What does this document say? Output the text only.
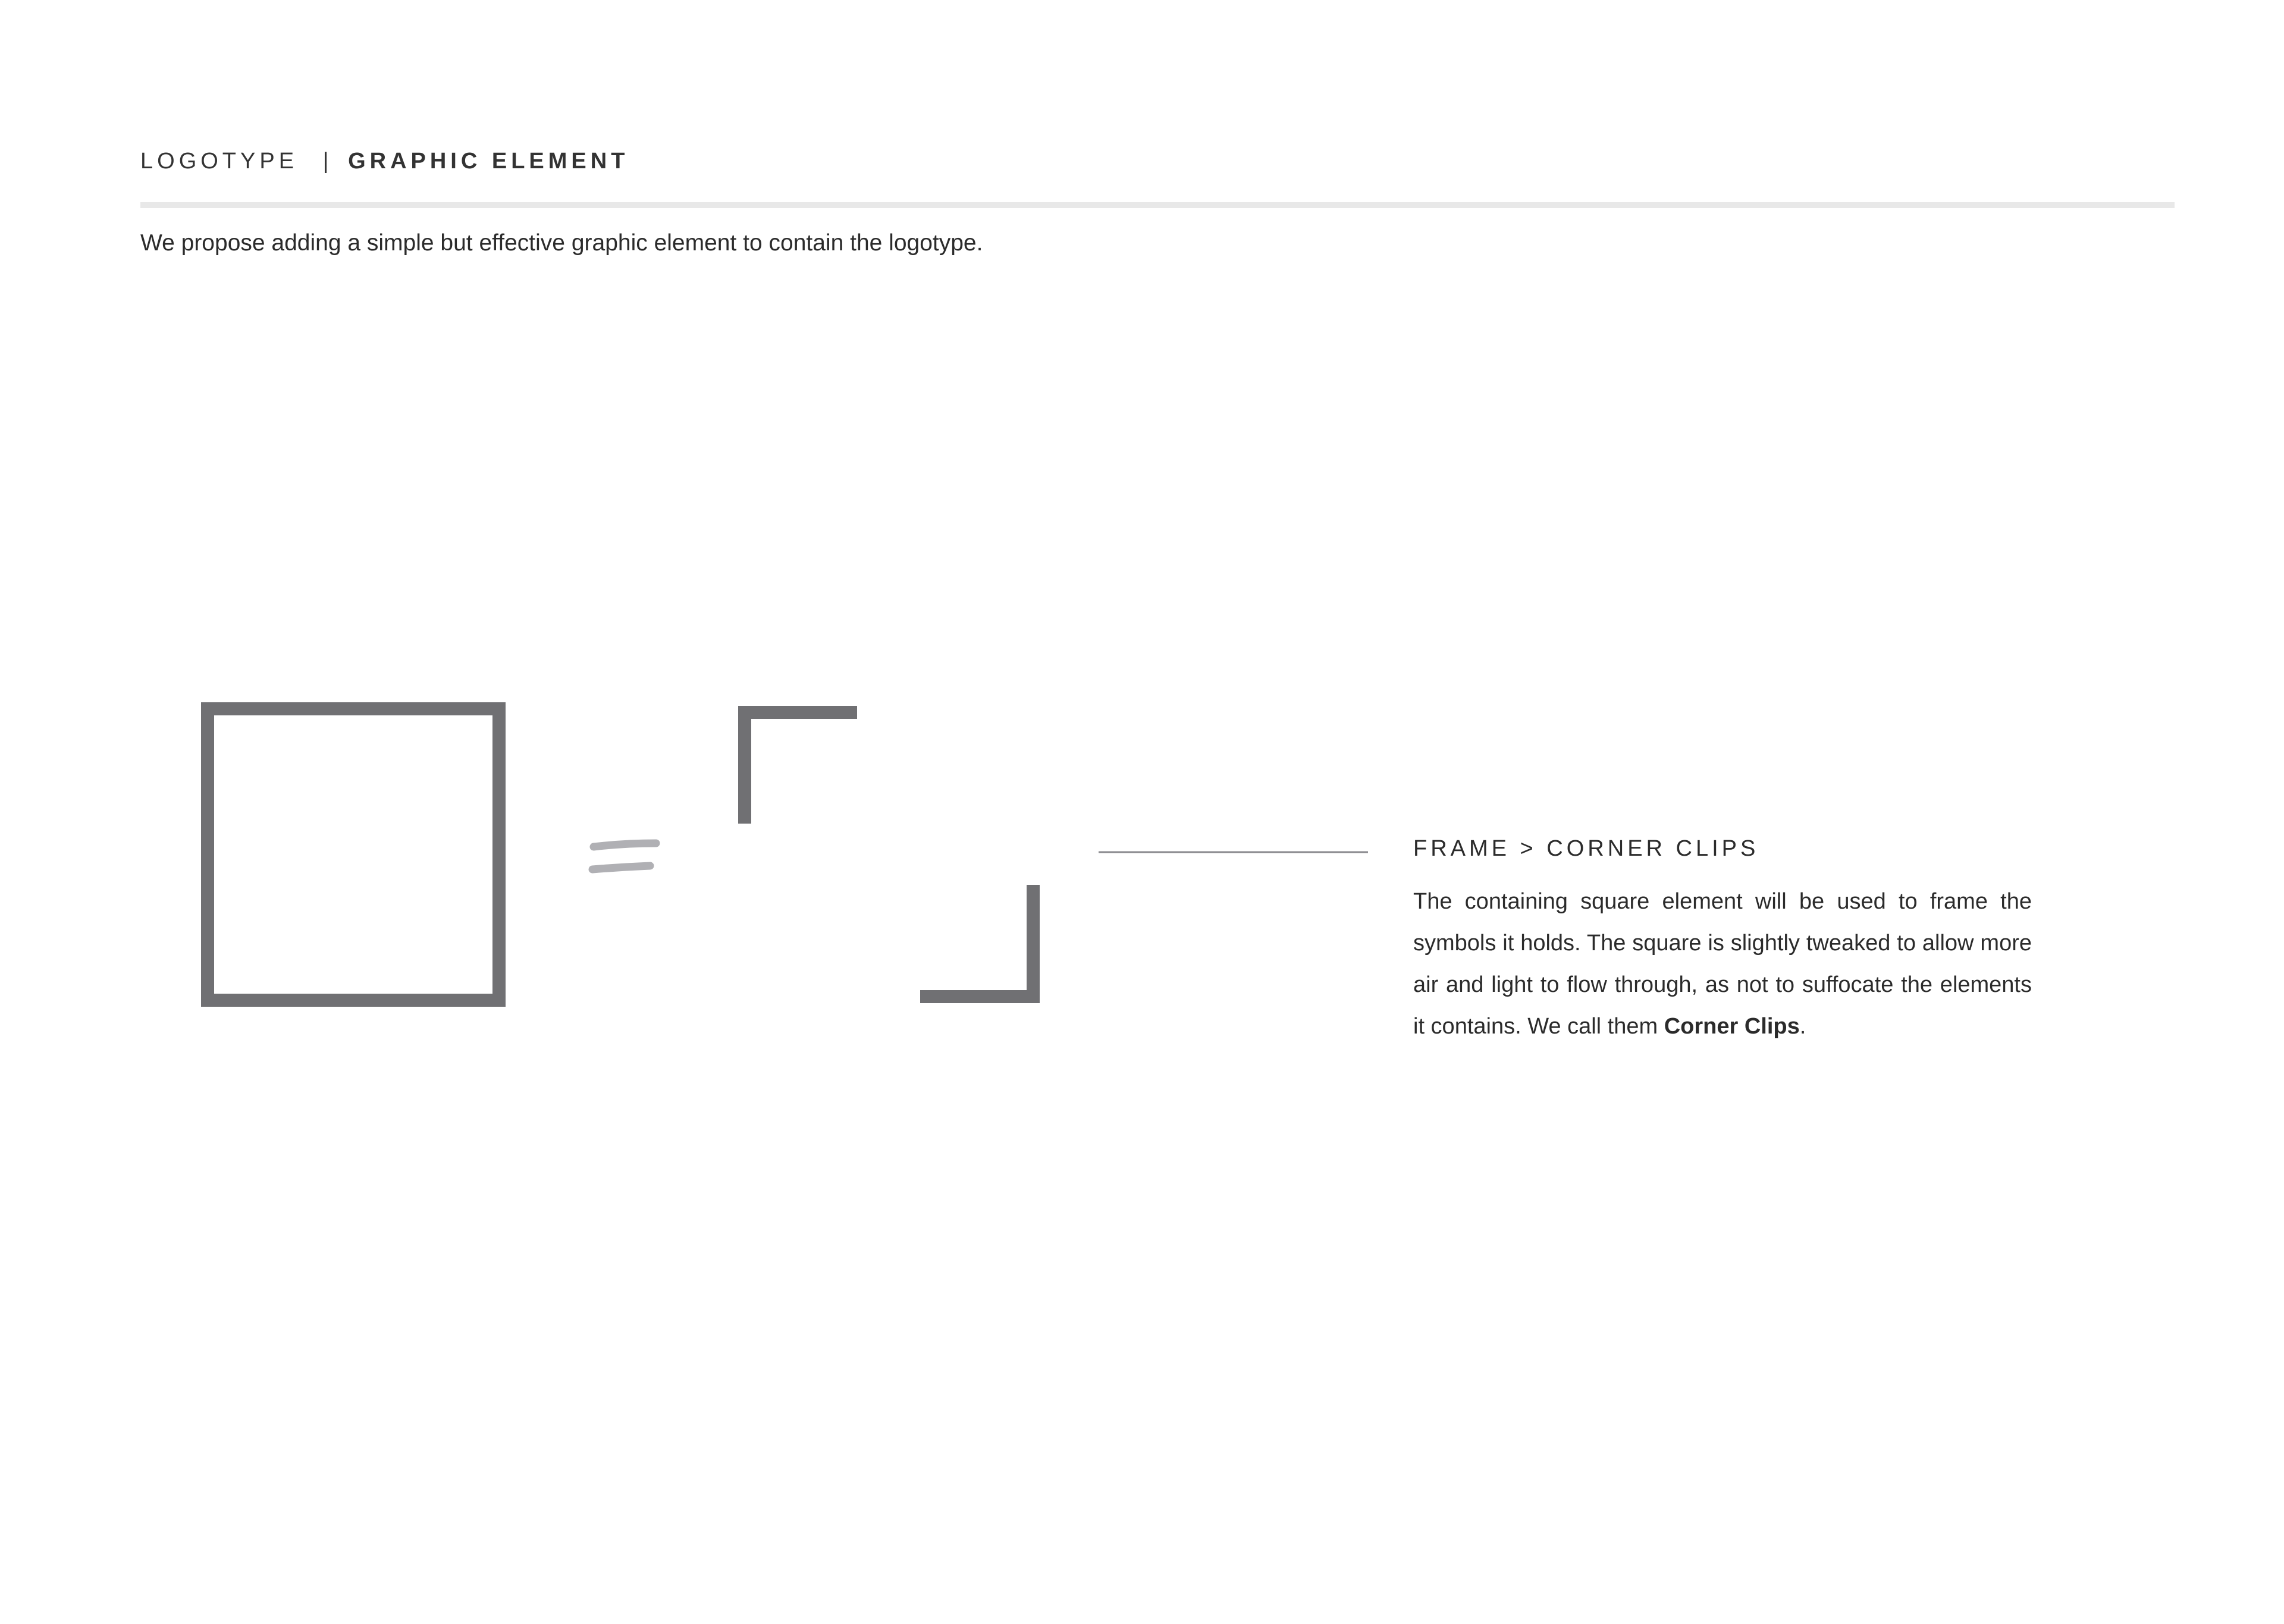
LOGOTYPE | GRAPHIC ELEMENT
We propose adding a simple but effective graphic element to contain the logotype.
FRAME > CORNER CLIPS
The containing square element will be used to frame the symbols it holds. The square is slightly tweaked to allow more air and light to flow through, as not to suffocate the elements it contains. We call them Corner Clips.
